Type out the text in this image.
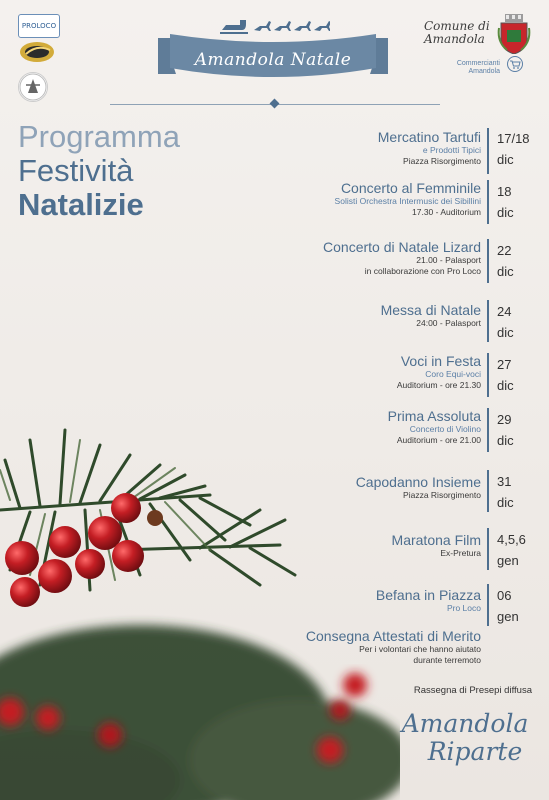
PROLOCO
Amandola Natale
Comune di Amandola
Commercianti Amandola
Programma
Festività
Natalizie
Mercatino Tartufi
e Prodotti Tipici
Piazza Risorgimento
17/18
dic
Concerto al Femminile
Solisti Orchestra Intermusic dei Sibillini
17.30 - Auditorium
18
dic
Concerto di Natale Lizard
21.00 - Palasport
in collaborazione con Pro Loco
22
dic
Messa di Natale
24:00 - Palasport
24
dic
Voci in Festa
Coro Equi-voci
Auditorium - ore 21.30
27
dic
Prima Assoluta
Concerto di Violino
Auditorium - ore 21.00
29
dic
Capodanno Insieme
Piazza Risorgimento
31
dic
Maratona Film
Ex-Pretura
4,5,6
gen
Befana in Piazza
Pro Loco
06
gen
Consegna Attestati di Merito
Per i volontari che hanno aiutato
durante terremoto
Rassegna di Presepi diffusa
Amandola
Riparte
